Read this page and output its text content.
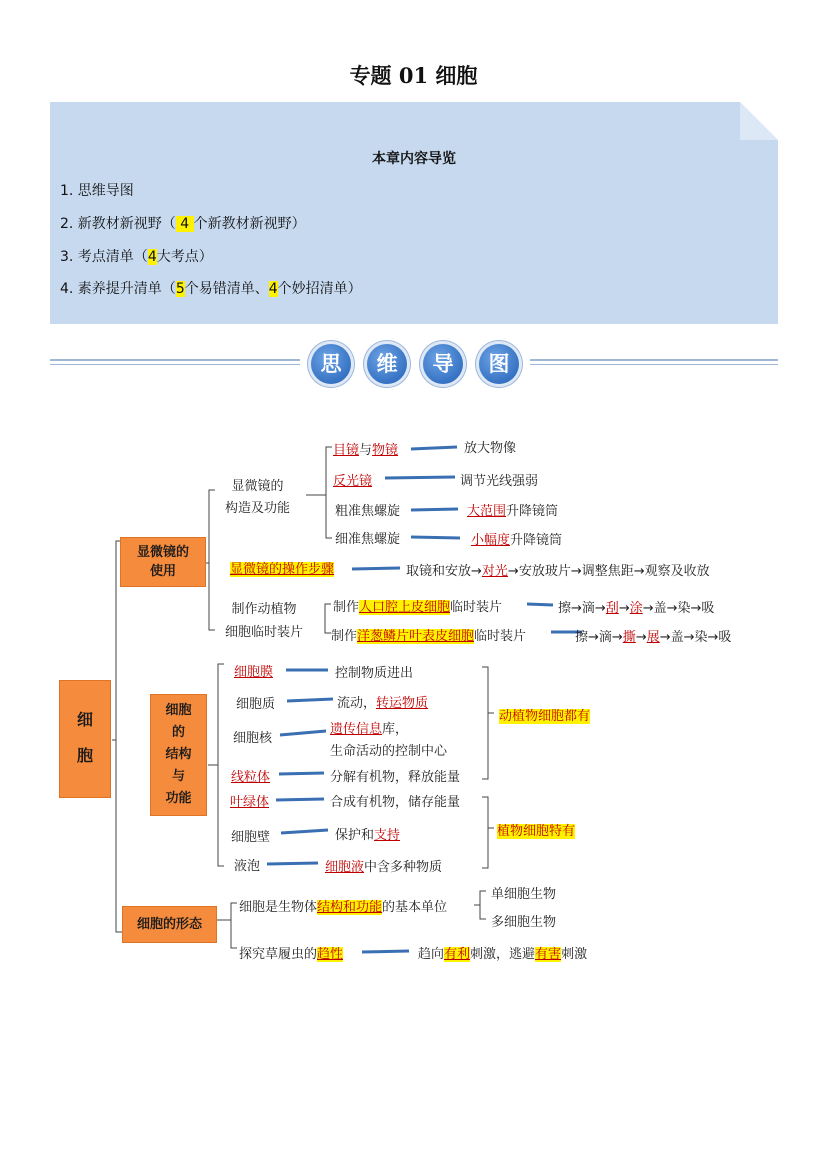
专题 01 细胞
本章内容导览
1. 思维导图
2. 新教材新视野（ 4 个新教材新视野）
3. 考点清单（4大考点）
4. 素养提升清单（5个易错清单、4个妙招清单）
思	维	导	图
细

胞
显微镜的
使用
细胞
的
结构
与
功能
细胞的形态
显微镜的
构造及功能
目镜与物镜	放大物像
反光镜	调节光线强弱
粗准焦螺旋	大范围升降镜筒
细准焦螺旋	小幅度升降镜筒
显微镜的操作步骤	取镜和安放→对光→安放玻片→调整焦距→观察及收放
制作动植物
细胞临时装片
制作人口腔上皮细胞临时装片	擦→滴→刮→涂→盖→染→吸
制作洋葱鳞片叶表皮细胞临时装片	擦→滴→撕→展→盖→染→吸
细胞膜	控制物质进出
细胞质	流动，转运物质
细胞核
遗传信息库，
生命活动的控制中心
线粒体	分解有机物，释放能量
动植物细胞都有
叶绿体	合成有机物，储存能量
细胞壁	保护和支持
液泡	细胞液中含多种物质
植物细胞特有
细胞是生物体结构和功能的基本单位
单细胞生物
多细胞生物
探究草履虫的趋性	趋向有利刺激，逃避有害刺激
